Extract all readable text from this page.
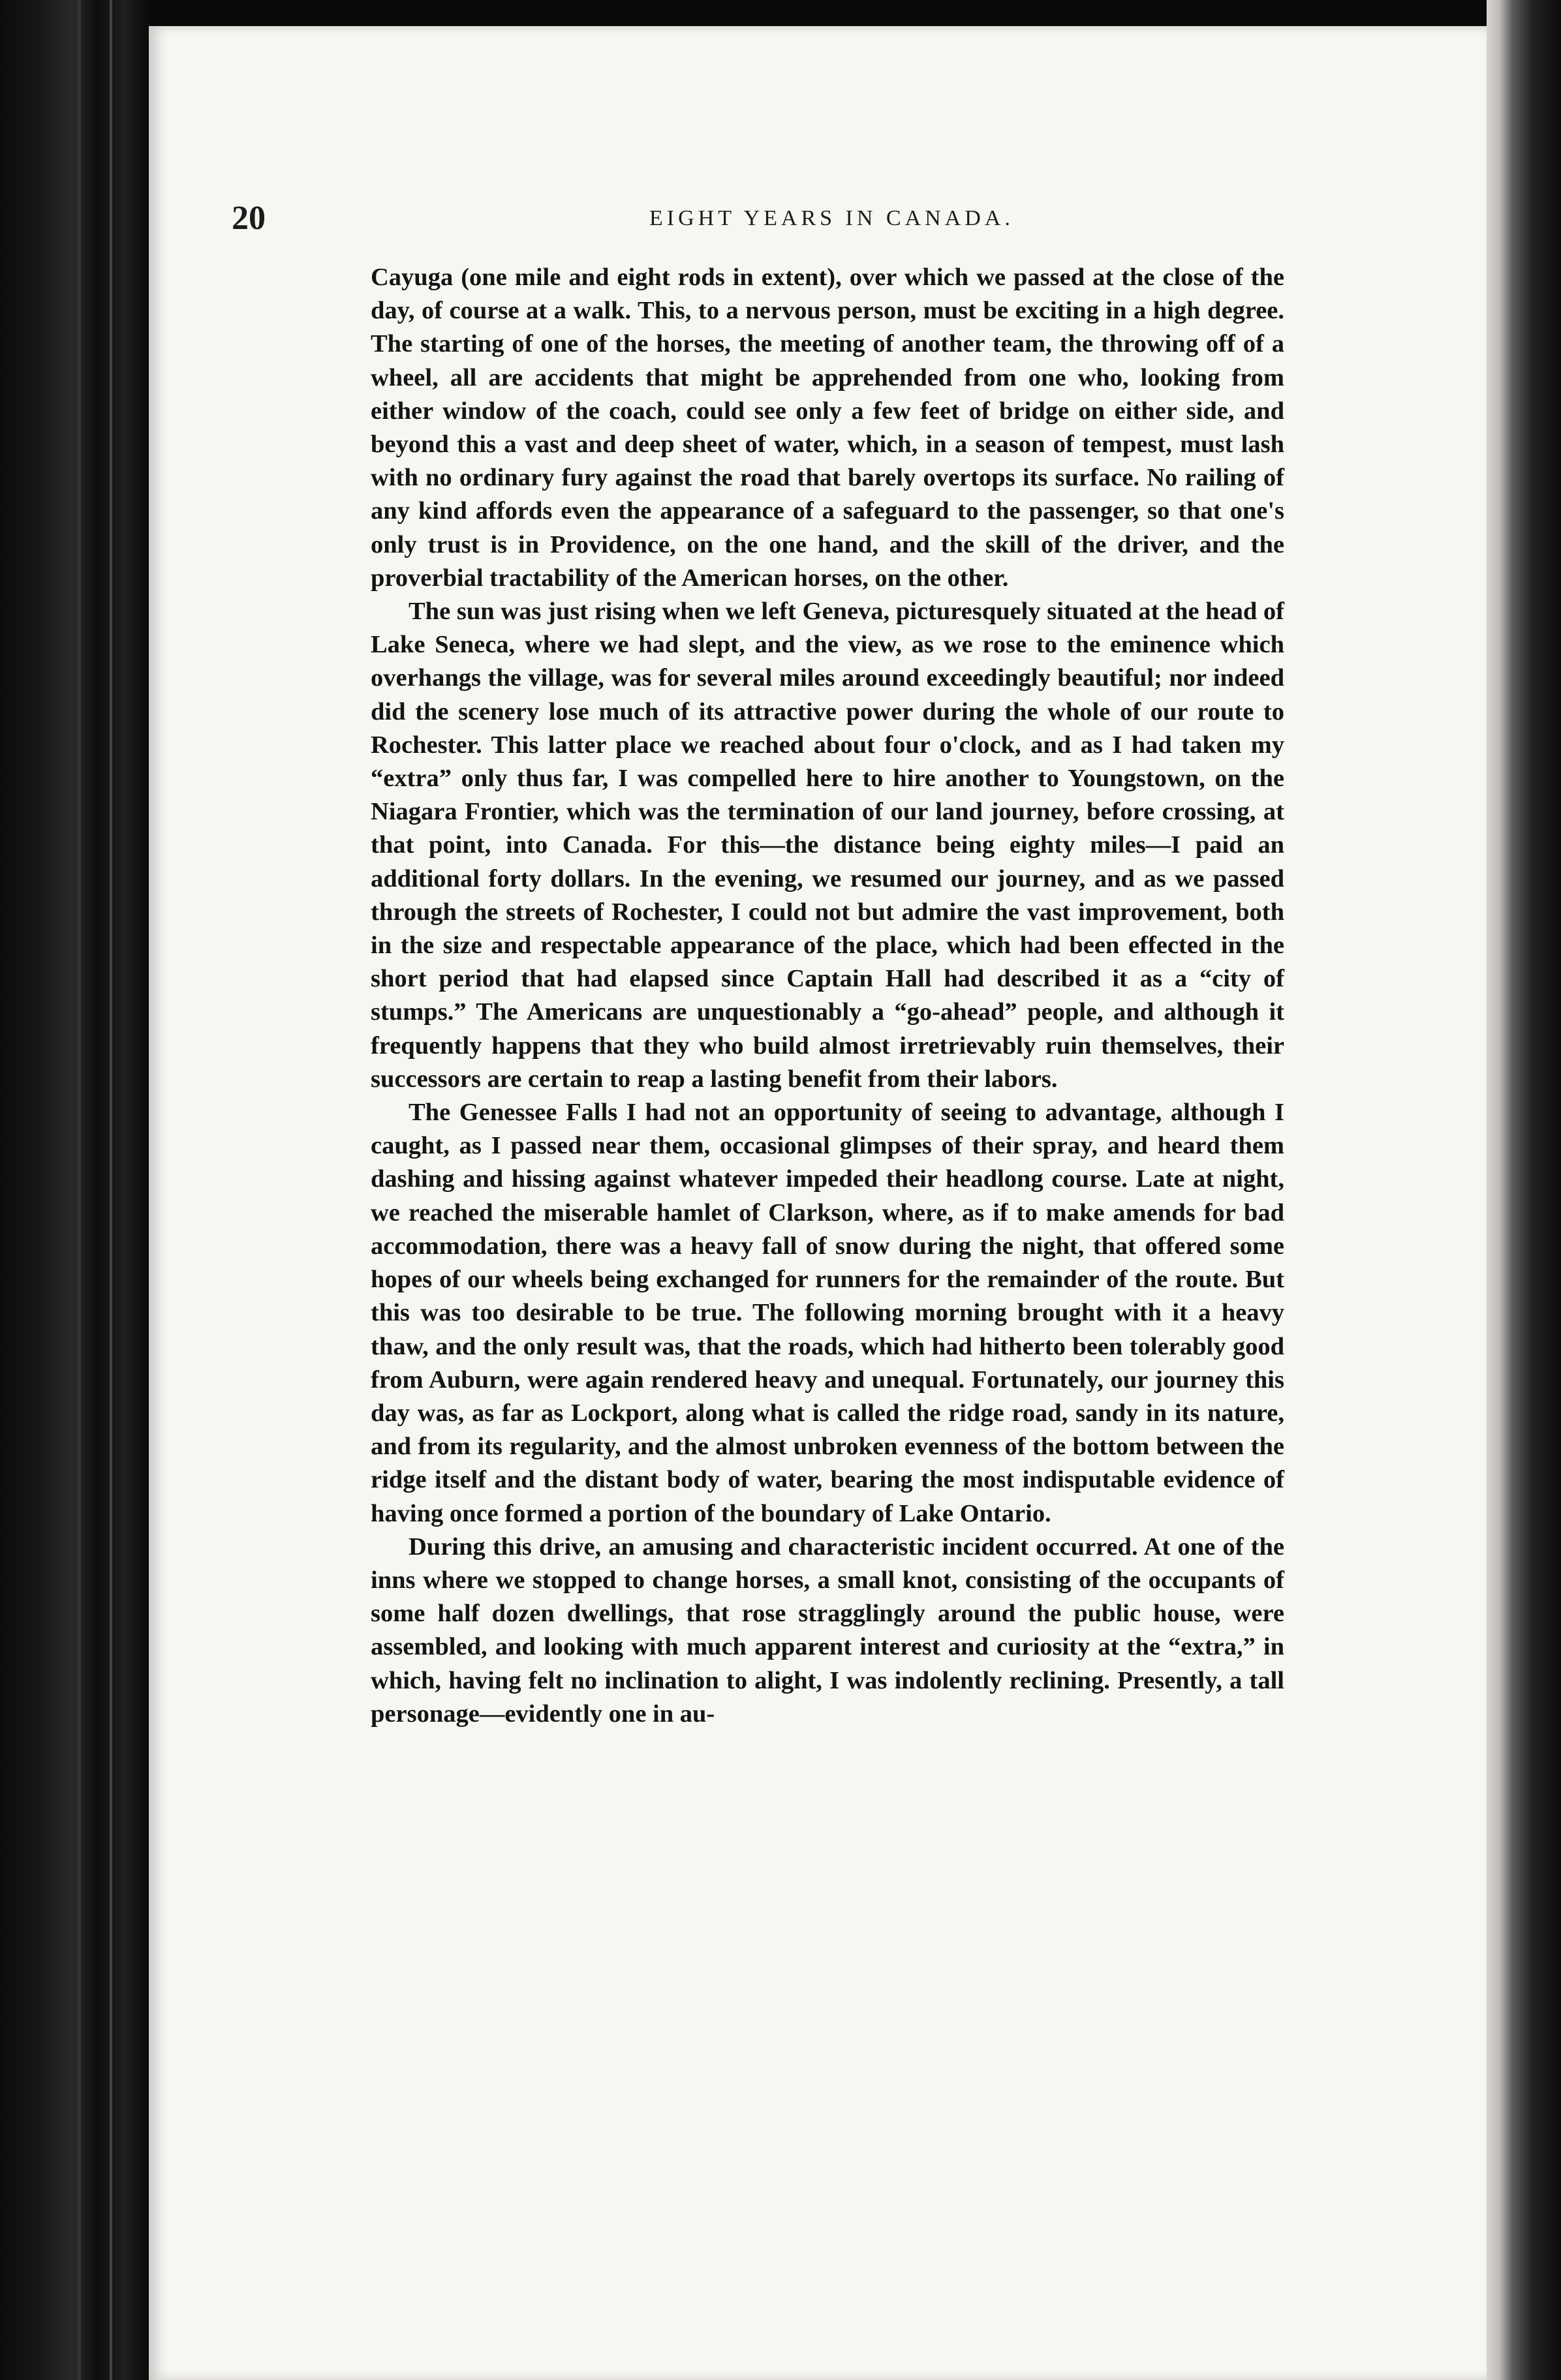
20	EIGHT YEARS IN CANADA.

Cayuga (one mile and eight rods in extent), over which we passed at the close of the day, of course at a walk. This, to a nervous person, must be exciting in a high degree. The starting of one of the horses, the meeting of another team, the throwing off of a wheel, all are accidents that might be apprehended from one who, looking from either window of the coach, could see only a few feet of bridge on either side, and beyond this a vast and deep sheet of water, which, in a season of tempest, must lash with no ordinary fury against the road that barely overtops its surface. No railing of any kind affords even the appearance of a safeguard to the passenger, so that one's only trust is in Providence, on the one hand, and the skill of the driver, and the proverbial tractability of the American horses, on the other.

The sun was just rising when we left Geneva, picturesquely situated at the head of Lake Seneca, where we had slept, and the view, as we rose to the eminence which overhangs the village, was for several miles around exceedingly beautiful; nor indeed did the scenery lose much of its attractive power during the whole of our route to Rochester. This latter place we reached about four o'clock, and as I had taken my “extra” only thus far, I was compelled here to hire another to Youngstown, on the Niagara Frontier, which was the termination of our land journey, before crossing, at that point, into Canada. For this—the distance being eighty miles—I paid an additional forty dollars. In the evening, we resumed our journey, and as we passed through the streets of Rochester, I could not but admire the vast improvement, both in the size and respectable appearance of the place, which had been effected in the short period that had elapsed since Captain Hall had described it as a “city of stumps.” The Americans are unquestionably a “go-ahead” people, and although it frequently happens that they who build almost irretrievably ruin themselves, their successors are certain to reap a lasting benefit from their labors.

The Genessee Falls I had not an opportunity of seeing to advantage, although I caught, as I passed near them, occasional glimpses of their spray, and heard them dashing and hissing against whatever impeded their headlong course. Late at night, we reached the miserable hamlet of Clarkson, where, as if to make amends for bad accommodation, there was a heavy fall of snow during the night, that offered some hopes of our wheels being exchanged for runners for the remainder of the route. But this was too desirable to be true. The following morning brought with it a heavy thaw, and the only result was, that the roads, which had hitherto been tolerably good from Auburn, were again rendered heavy and unequal. Fortunately, our journey this day was, as far as Lockport, along what is called the ridge road, sandy in its nature, and from its regularity, and the almost unbroken evenness of the bottom between the ridge itself and the distant body of water, bearing the most indisputable evidence of having once formed a portion of the boundary of Lake Ontario.

During this drive, an amusing and characteristic incident occurred. At one of the inns where we stopped to change horses, a small knot, consisting of the occupants of some half dozen dwellings, that rose stragglingly around the public house, were assembled, and looking with much apparent interest and curiosity at the “extra,” in which, having felt no inclination to alight, I was indolently reclining. Presently, a tall personage—evidently one in au-
